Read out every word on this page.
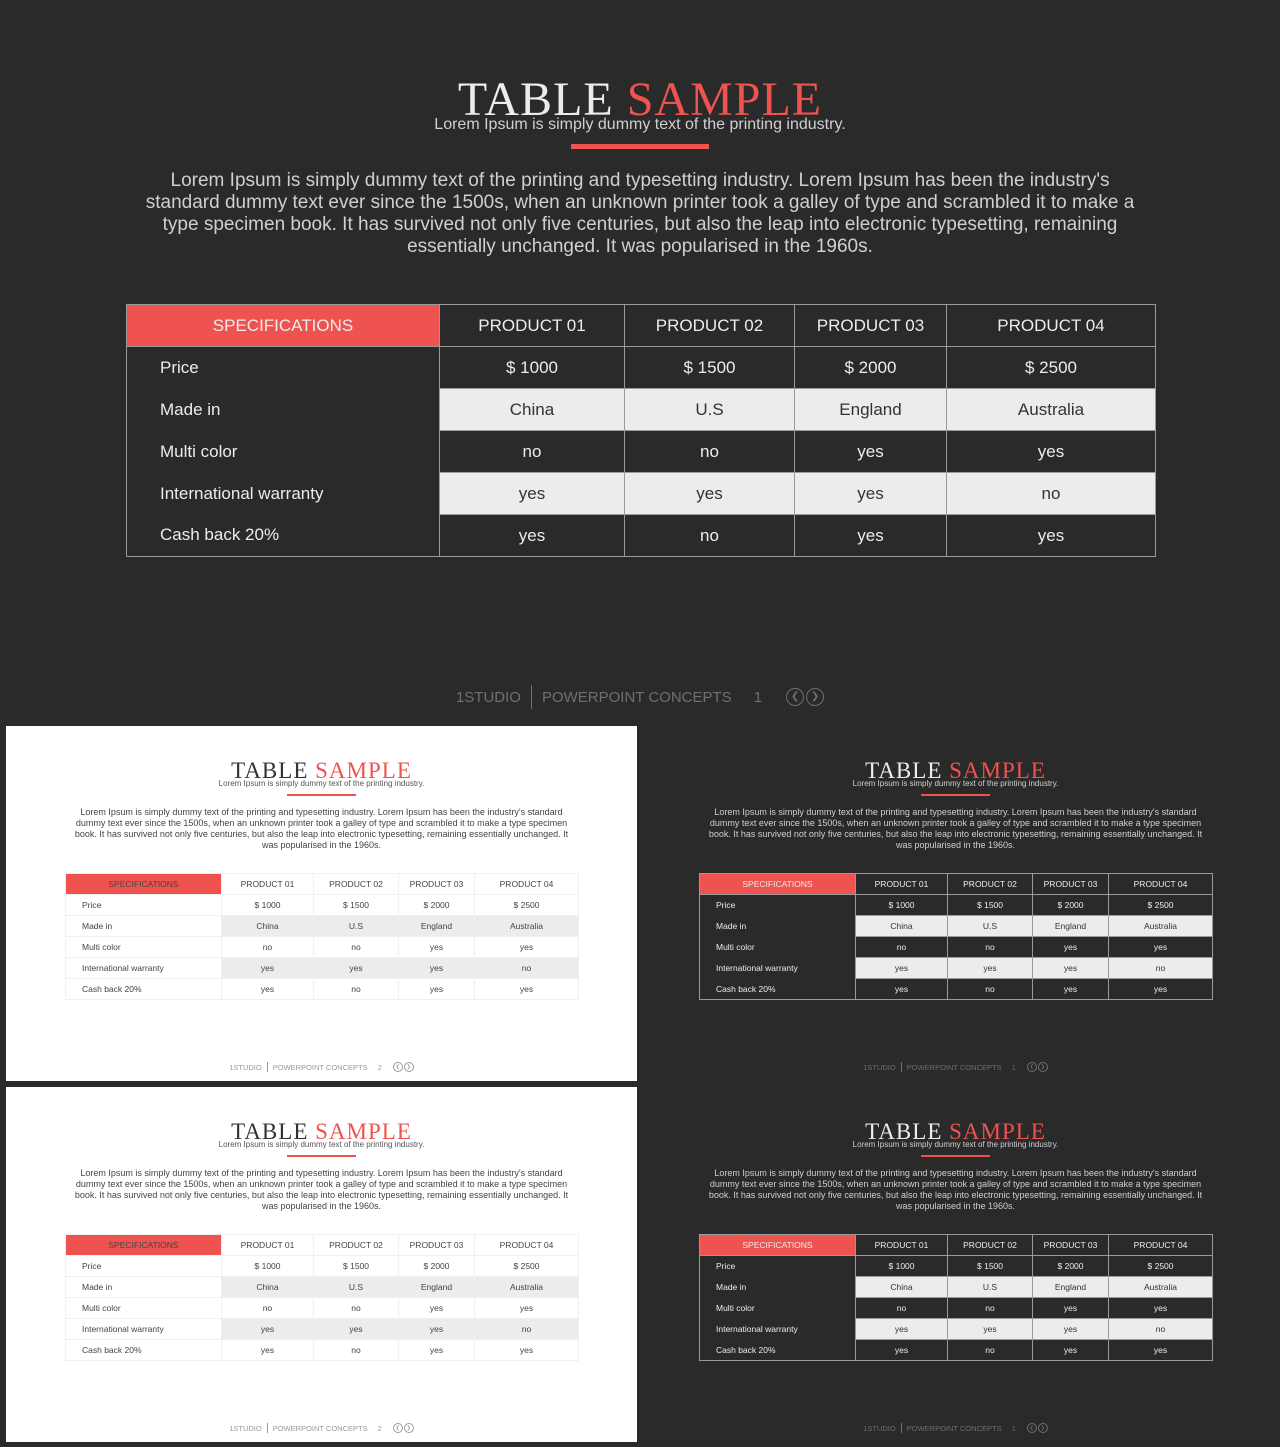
TABLE SAMPLE
Lorem Ipsum is simply dummy text of the printing industry.
Lorem Ipsum is simply dummy text of the printing and typesetting industry. Lorem Ipsum has been the industry's standard dummy text ever since the 1500s, when an unknown printer took a galley of type and scrambled it to make a type specimen book. It has survived not only five centuries, but also the leap into electronic typesetting, remaining essentially unchanged. It was popularised in the 1960s.
SPECIFICATIONS	PRODUCT 01	PRODUCT 02	PRODUCT 03	PRODUCT 04
Price	$ 1000	$ 1500	$ 2000	$ 2500
Made in	China	U.S	England	Australia
Multi color	no	no	yes	yes
International warranty	yes	yes	yes	no
Cash back 20%	yes	no	yes	yes
1STUDIO POWERPOINT CONCEPTS 1	❮	❯
TABLE SAMPLE
Lorem Ipsum is simply dummy text of the printing industry.
Lorem Ipsum is simply dummy text of the printing and typesetting industry. Lorem Ipsum has been the industry's standard dummy text ever since the 1500s, when an unknown printer took a galley of type and scrambled it to make a type specimen book. It has survived not only five centuries, but also the leap into electronic typesetting, remaining essentially unchanged. It was popularised in the 1960s.
SPECIFICATIONS	PRODUCT 01	PRODUCT 02	PRODUCT 03	PRODUCT 04
Price	$ 1000	$ 1500	$ 2000	$ 2500
Made in	China	U.S	England	Australia
Multi color	no	no	yes	yes
International warranty	yes	yes	yes	no
Cash back 20%	yes	no	yes	yes
1STUDIO POWERPOINT CONCEPTS 2	❮	❯
TABLE SAMPLE
Lorem Ipsum is simply dummy text of the printing industry.
Lorem Ipsum is simply dummy text of the printing and typesetting industry. Lorem Ipsum has been the industry's standard dummy text ever since the 1500s, when an unknown printer took a galley of type and scrambled it to make a type specimen book. It has survived not only five centuries, but also the leap into electronic typesetting, remaining essentially unchanged. It was popularised in the 1960s.
SPECIFICATIONS	PRODUCT 01	PRODUCT 02	PRODUCT 03	PRODUCT 04
Price	$ 1000	$ 1500	$ 2000	$ 2500
Made in	China	U.S	England	Australia
Multi color	no	no	yes	yes
International warranty	yes	yes	yes	no
Cash back 20%	yes	no	yes	yes
1STUDIO POWERPOINT CONCEPTS 1	❮	❯
TABLE SAMPLE
Lorem Ipsum is simply dummy text of the printing industry.
Lorem Ipsum is simply dummy text of the printing and typesetting industry. Lorem Ipsum has been the industry's standard dummy text ever since the 1500s, when an unknown printer took a galley of type and scrambled it to make a type specimen book. It has survived not only five centuries, but also the leap into electronic typesetting, remaining essentially unchanged. It was popularised in the 1960s.
SPECIFICATIONS	PRODUCT 01	PRODUCT 02	PRODUCT 03	PRODUCT 04
Price	$ 1000	$ 1500	$ 2000	$ 2500
Made in	China	U.S	England	Australia
Multi color	no	no	yes	yes
International warranty	yes	yes	yes	no
Cash back 20%	yes	no	yes	yes
1STUDIO POWERPOINT CONCEPTS 2	❮	❯
TABLE SAMPLE
Lorem Ipsum is simply dummy text of the printing industry.
Lorem Ipsum is simply dummy text of the printing and typesetting industry. Lorem Ipsum has been the industry's standard dummy text ever since the 1500s, when an unknown printer took a galley of type and scrambled it to make a type specimen book. It has survived not only five centuries, but also the leap into electronic typesetting, remaining essentially unchanged. It was popularised in the 1960s.
SPECIFICATIONS	PRODUCT 01	PRODUCT 02	PRODUCT 03	PRODUCT 04
Price	$ 1000	$ 1500	$ 2000	$ 2500
Made in	China	U.S	England	Australia
Multi color	no	no	yes	yes
International warranty	yes	yes	yes	no
Cash back 20%	yes	no	yes	yes
1STUDIO POWERPOINT CONCEPTS 1	❮	❯
